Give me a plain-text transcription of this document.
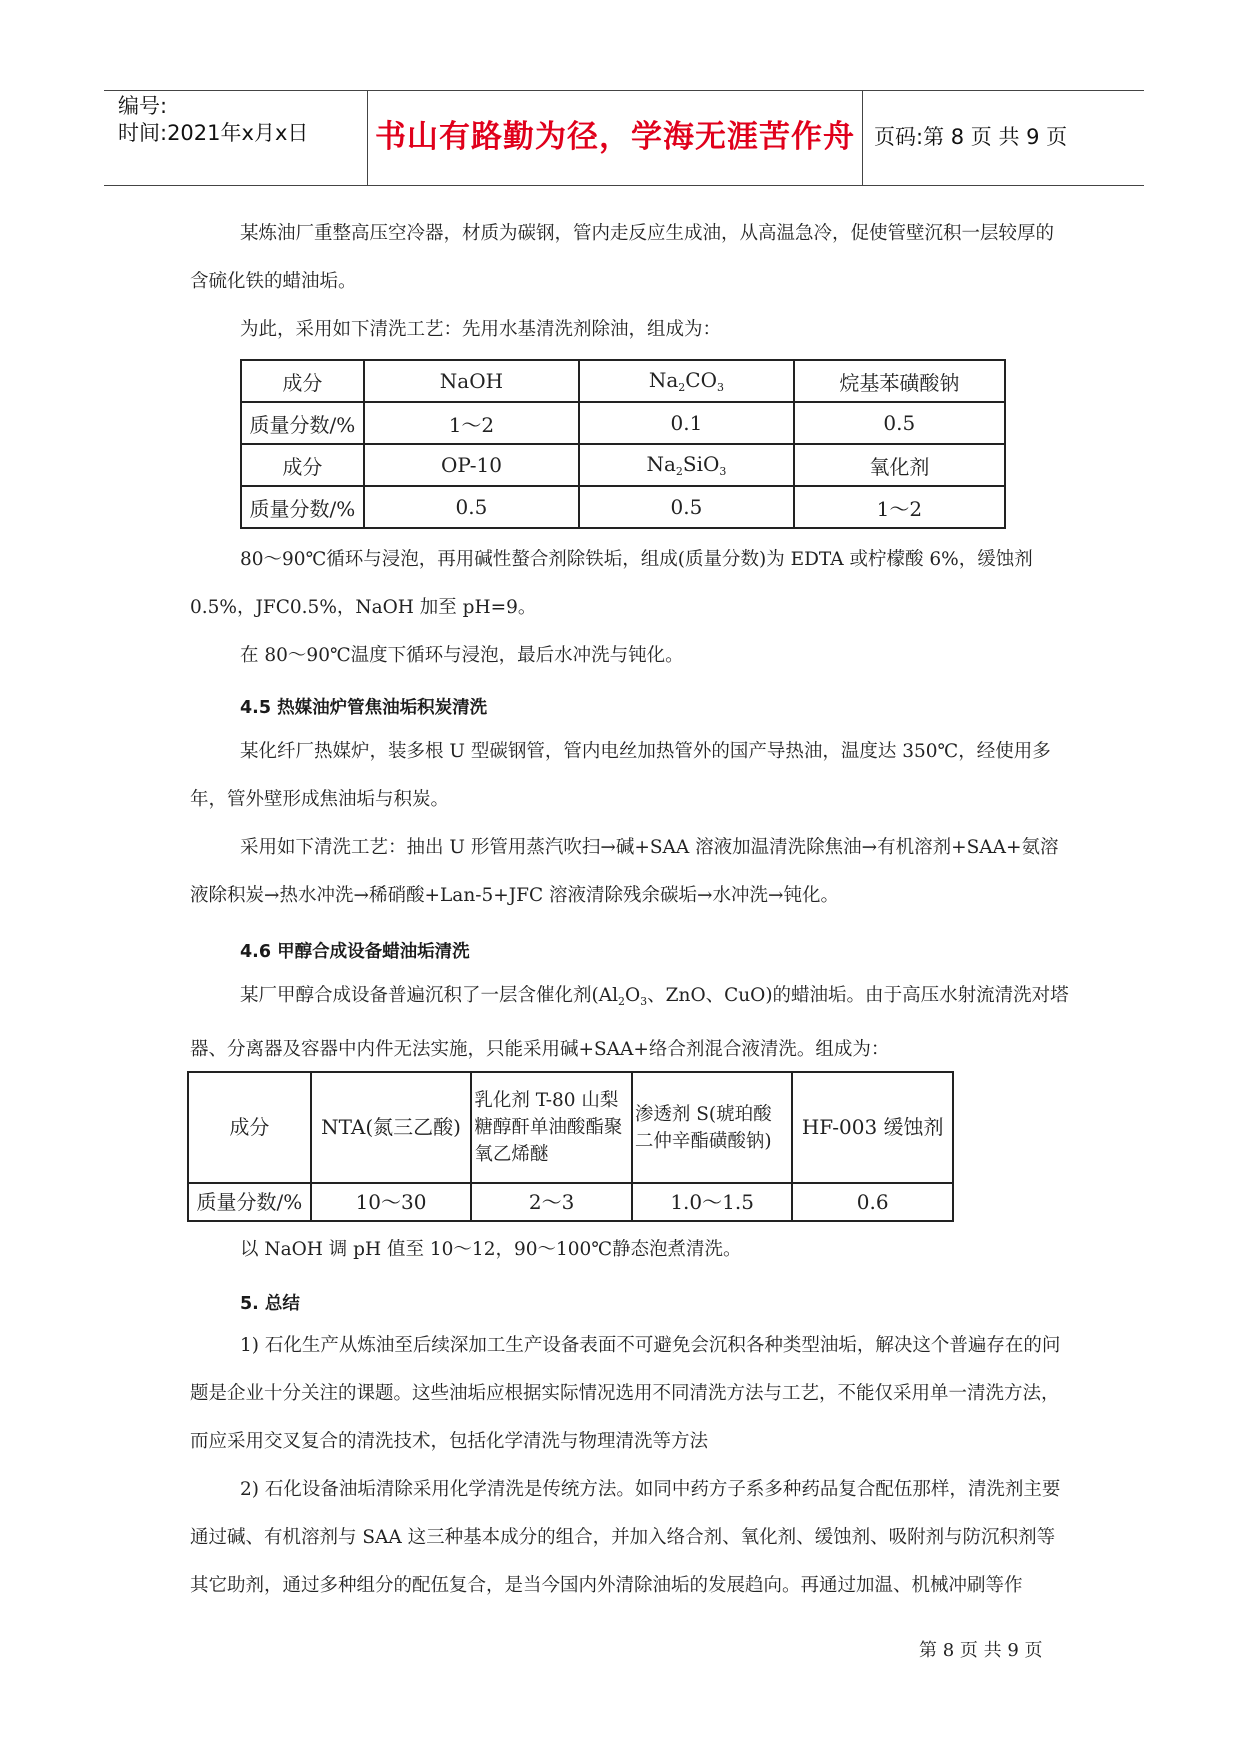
编号:
时间:2021年x月x日 书山有路勤为径，学海无涯苦作舟 页码:第 8 页 共 9 页
某炼油厂重整高压空冷器，材质为碳钢，管内走反应生成油，从高温急冷，促使管壁沉积一层较厚的含硫化铁的蜡油垢。
为此，采用如下清洗工艺：先用水基清洗剂除油，组成为：
成分	NaOH	$Na_2CO_3$	烷基苯磺酸钠
质量分数/%	1～2	0.1	0.5
成分	OP-10	$Na_2SiO_3$	氧化剂
质量分数/%	0.5	0.5	1～2
80～90℃循环与浸泡，再用碱性螯合剂除铁垢，组成(质量分数)为 EDTA 或柠檬酸 6%，缓蚀剂 0.5%，JFC0.5%，NaOH 加至 pH=9。
在 80～90℃温度下循环与浸泡，最后水冲洗与钝化。
4.5 热媒油炉管焦油垢积炭清洗
某化纤厂热媒炉，装多根 U 型碳钢管，管内电丝加热管外的国产导热油，温度达 350℃，经使用多年，管外壁形成焦油垢与积炭。
采用如下清洗工艺：抽出 U 形管用蒸汽吹扫→碱+SAA 溶液加温清洗除焦油→有机溶剂+SAA+氨溶液除积炭→热水冲洗→稀硝酸+Lan-5+JFC 溶液清除残余碳垢→水冲洗→钝化。
4.6 甲醇合成设备蜡油垢清洗
某厂甲醇合成设备普遍沉积了一层含催化剂($Al_2O_3$、ZnO、CuO)的蜡油垢。由于高压水射流清洗对塔器、分离器及容器中内件无法实施，只能采用碱+SAA+络合剂混合液清洗。组成为：
成分	NTA(氮三乙酸)	乳化剂 T-80 山梨糖醇酐单油酸酯聚氧乙烯醚	渗透剂 S(琥珀酸二仲辛酯磺酸钠)	HF-003 缓蚀剂
质量分数/%	10～30	2～3	1.0～1.5	0.6
以 NaOH 调 pH 值至 10～12，90～100℃静态泡煮清洗。
5. 总结
1) 石化生产从炼油至后续深加工生产设备表面不可避免会沉积各种类型油垢，解决这个普遍存在的问题是企业十分关注的课题。这些油垢应根据实际情况选用不同清洗方法与工艺，不能仅采用单一清洗方法，而应采用交叉复合的清洗技术，包括化学清洗与物理清洗等方法
2) 石化设备油垢清除采用化学清洗是传统方法。如同中药方子系多种药品复合配伍那样，清洗剂主要通过碱、有机溶剂与 SAA 这三种基本成分的组合，并加入络合剂、氧化剂、缓蚀剂、吸附剂与防沉积剂等其它助剂，通过多种组分的配伍复合，是当今国内外清除油垢的发展趋向。再通过加温、机械冲刷等作
第 8 页 共 9 页
